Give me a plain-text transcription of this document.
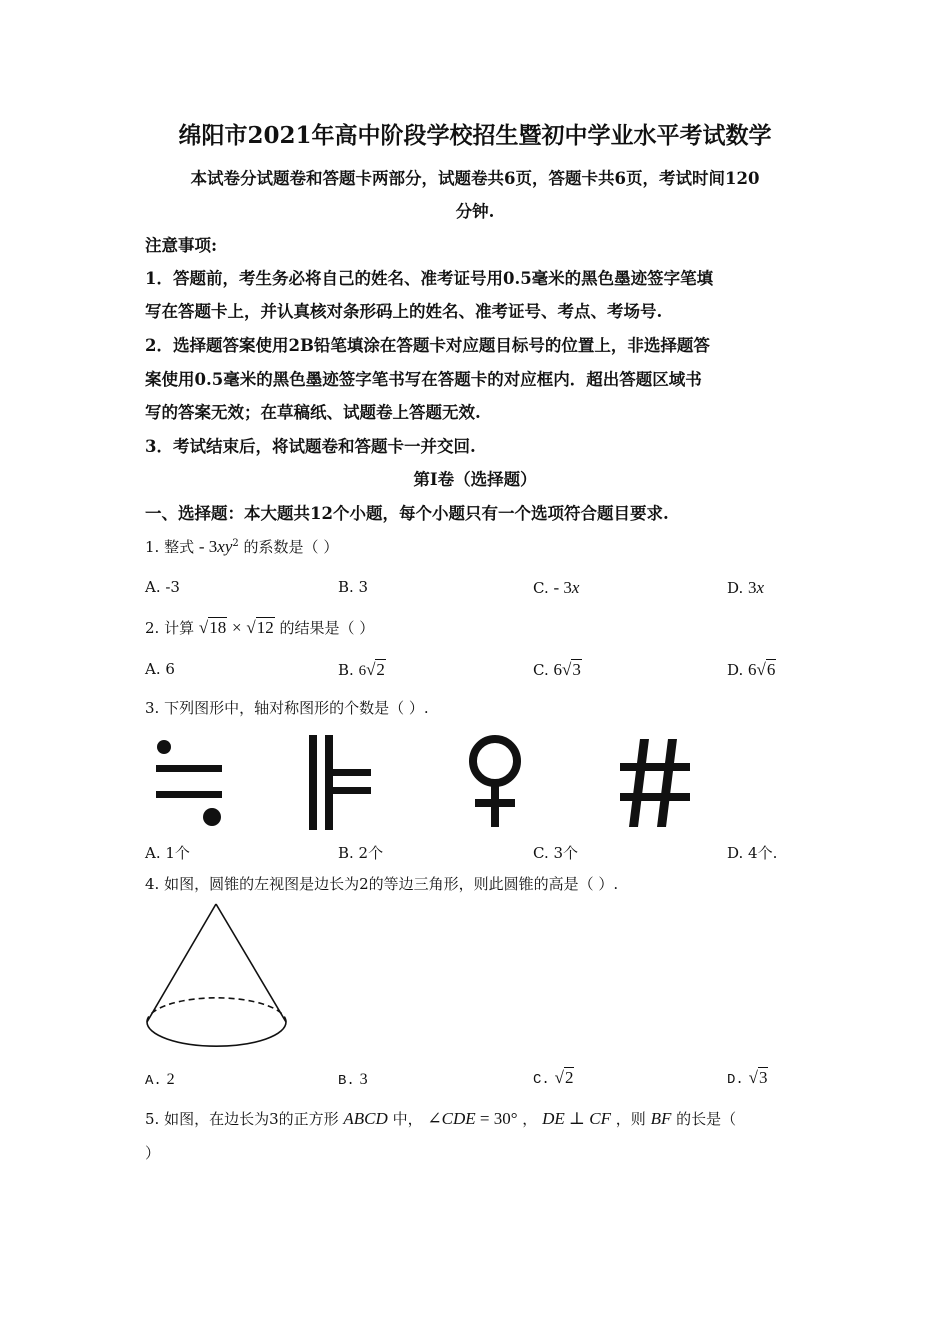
绵阳市2021年高中阶段学校招生暨初中学业水平考试数学
本试卷分试题卷和答题卡两部分，试题卷共6页，答题卡共6页，考试时间120
分钟.
注意事项:
1．答题前，考生务必将自己的姓名、准考证号用0.5毫米的黑色墨迹签字笔填
写在答题卡上，并认真核对条形码上的姓名、准考证号、考点、考场号.
2．选择题答案使用2B铅笔填涂在答题卡对应题目标号的位置上，非选择题答
案使用0.5毫米的黑色墨迹签字笔书写在答题卡的对应框内．超出答题区域书
写的答案无效；在草稿纸、试题卷上答题无效.
3．考试结束后，将试题卷和答题卡一并交回.
第Ⅰ卷（选择题）
一、选择题：本大题共12个小题，每个小题只有一个选项符合题目要求.
1. 整式 - $3xy^2$ 的系数是（ ）
A. -3	B. 3	C. - 3x	D. 3x
2. 计算 √18 × √12 的结果是（ ）
A. 6	B. 6√2	C. 6√3	D. 6√6
3. 下列图形中，轴对称图形的个数是（ ）.
A. 1个	B. 2个	C. 3个	D. 4个.
4. 如图，圆锥的左视图是边长为2的等边三角形，则此圆锥的高是（ ）.
A. 2	B. 3	C. √2	D. √3
5. 如图，在边长为3的正方形 ABCD 中， ∠CDE = 30° ， DE ⊥ CF ，则 BF 的长是（
）
